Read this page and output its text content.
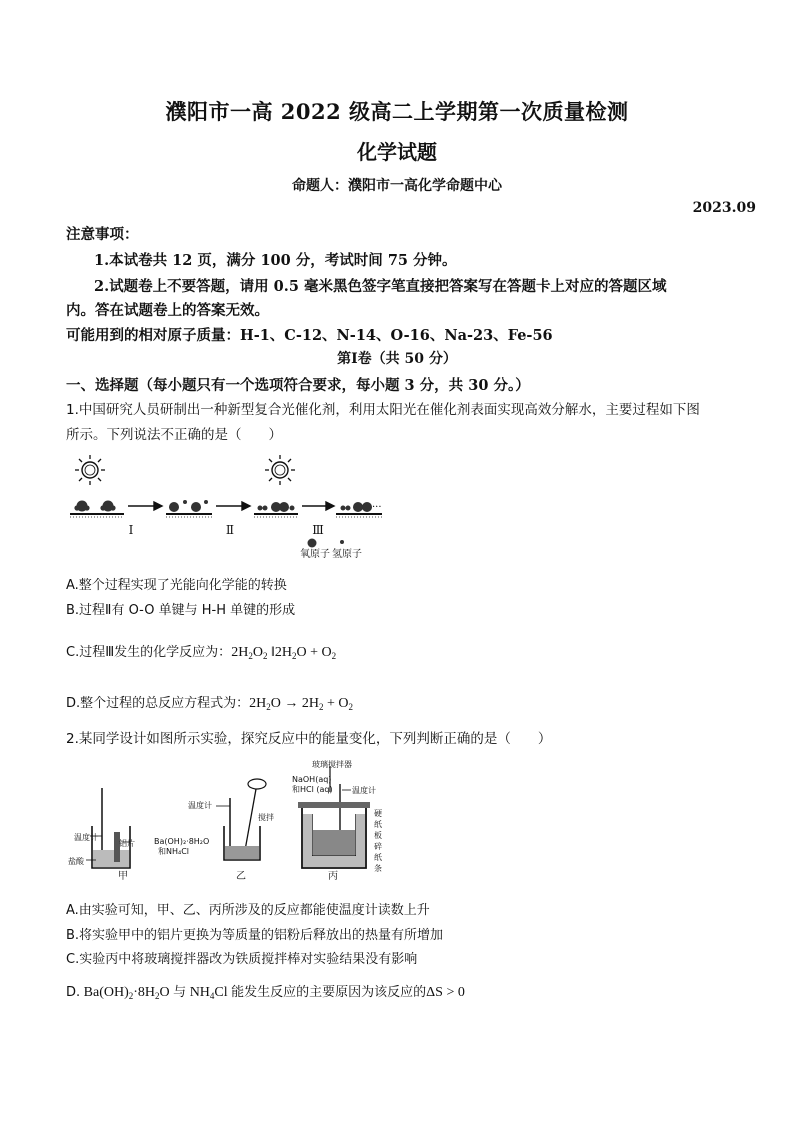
濮阳市一高 2022 级高二上学期第一次质量检测
化学试题
命题人：濮阳市一高化学命题中心
2023.09
注意事项：
1.本试卷共 12 页，满分 100 分，考试时间 75 分钟。
2.试题卷上不要答题，请用 0.5 毫米黑色签字笔直接把答案写在答题卡上对应的答题区域
内。答在试题卷上的答案无效。
可能用到的相对原子质量：H-1、C-12、N-14、O-16、Na-23、Fe-56
第Ⅰ卷（共 50 分）
一、选择题（每小题只有一个选项符合要求，每小题 3 分，共 30 分。）
1.中国研究人员研制出一种新型复合光催化剂，利用太阳光在催化剂表面实现高效分解水，主要过程如下图
所示。下列说法不正确的是（　　）
···
Ⅰ	Ⅱ	Ⅲ
氧原子 氢原子
A.整个过程实现了光能向化学能的转换
B.过程Ⅱ有 O-O 单键与 H-H 单键的形成
C.过程Ⅲ发生的化学反应为：$2H_2O_2$ $‖2H_2O + O_2$
D.整个过程的总反应方程式为：$2H_2O \to 2H_2 + O_2$
2.某同学设计如图所示实验，探究反应中的能量变化，下列判断正确的是（　　）
温度计
铝片
盐酸
甲
温度计
搅拌
Ba(OH)₂·8H₂O
和NH₄Cl
乙
玻璃搅拌器
NaOH(aq)
和HCl (aq) 温度计
硬
纸
板
碎
纸
条
丙
A.由实验可知，甲、乙、丙所涉及的反应都能使温度计读数上升
B.将实验甲中的铝片更换为等质量的铝粉后释放出的热量有所增加
C.实验丙中将玻璃搅拌器改为铁质搅拌棒对实验结果没有影响
D. $Ba(OH)_2\cdot 8H_2O$ 与 $NH_4Cl$ 能发生反应的主要原因为该反应的ΔS > 0
